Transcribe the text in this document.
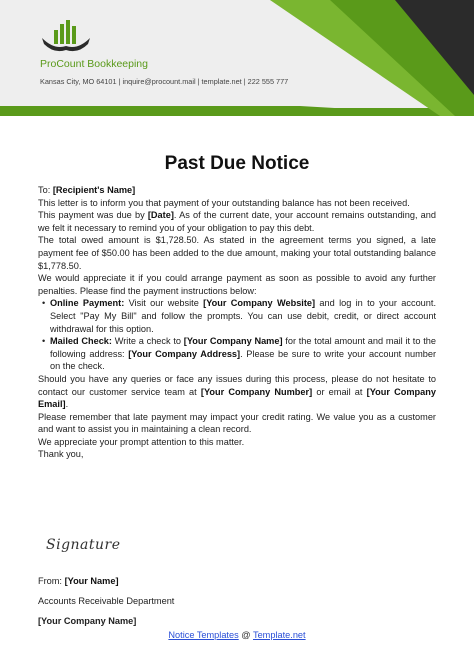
ProCount Bookkeeping
Kansas City, MO 64101 | inquire@procount.mail | template.net | 222 555 777
Past Due Notice

To: [Recipient's Name]

This letter is to inform you that payment of your outstanding balance has not been received.

This payment was due by [Date]. As of the current date, your account remains outstanding, and we felt it necessary to remind you of your obligation to pay this debt.

The total owed amount is $1,728.50. As stated in the agreement terms you signed, a late payment fee of $50.00 has been added to the due amount, making your total outstanding balance $1,778.50.

We would appreciate it if you could arrange payment as soon as possible to avoid any further penalties. Please find the payment instructions below:

• Online Payment: Visit our website [Your Company Website] and log in to your account. Select "Pay My Bill" and follow the prompts. You can use debit, credit, or direct account withdrawal for this option.
• Mailed Check: Write a check to [Your Company Name] for the total amount and mail it to the following address: [Your Company Address]. Please be sure to write your account number on the check.

Should you have any queries or face any issues during this process, please do not hesitate to contact our customer service team at [Your Company Number] or email at [Your Company Email].

Please remember that late payment may impact your credit rating. We value you as a customer and want to assist you in maintaining a clean record.

We appreciate your prompt attention to this matter.

Thank you,

Signature
From: [Your Name]
Accounts Receivable Department
[Your Company Name]
Notice Templates @ Template.net
